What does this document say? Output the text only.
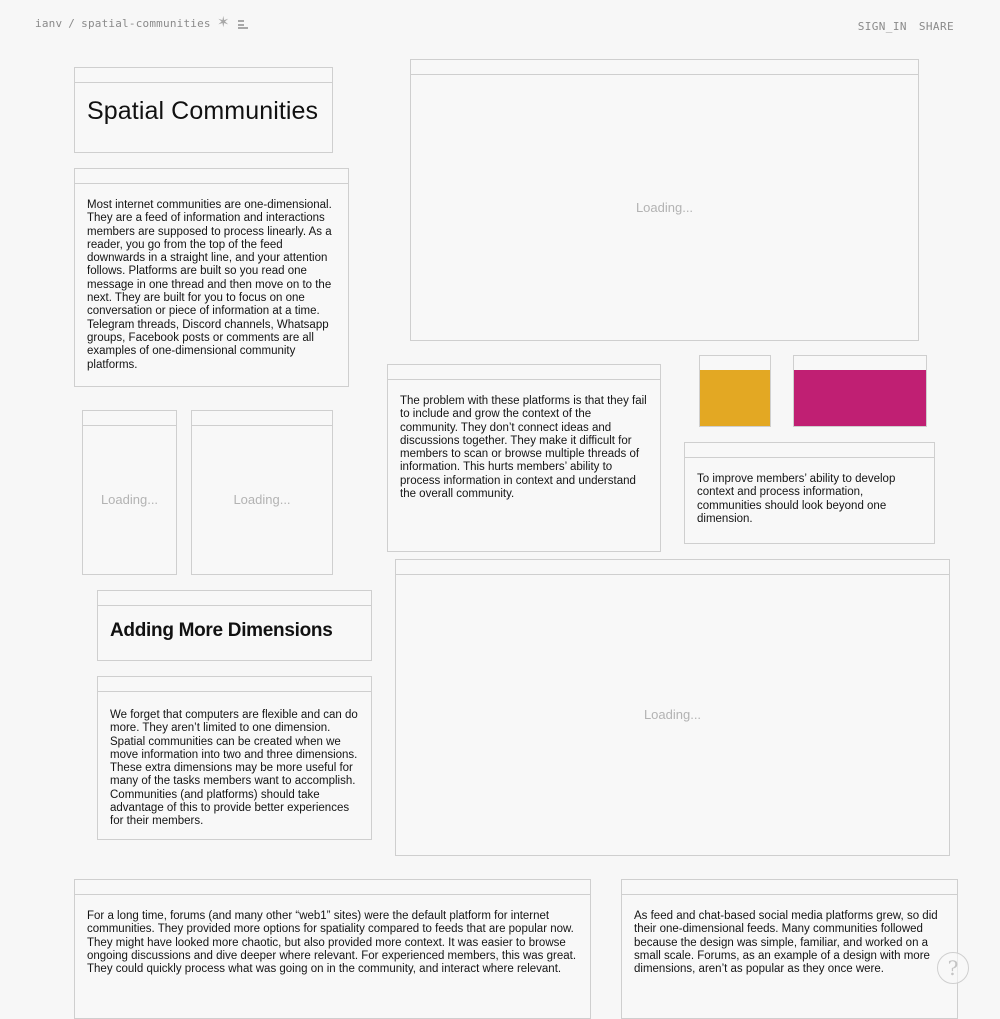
ianv / spatial-communities ✶	SIGN_IN SHARE
Spatial Communities
Loading...
Most internet communities are one-dimensional. They are a feed of information and interactions members are supposed to process linearly. As a reader, you go from the top of the feed downwards in a straight line, and your attention follows. Platforms are built so you read one message in one thread and then move on to the next. They are built for you to focus on one conversation or piece of information at a time. Telegram threads, Discord channels, Whatsapp groups, Facebook posts or comments are all examples of one-dimensional community platforms.
Loading...	Loading...
The problem with these platforms is that they fail to include and grow the context of the community. They don’t connect ideas and discussions together. They make it difficult for members to scan or browse multiple threads of information. This hurts members’ ability to process information in context and understand the overall community.
To improve members’ ability to develop context and process information, communities should look beyond one dimension.
Adding More Dimensions
Loading...
We forget that computers are flexible and can do more. They aren’t limited to one dimension. Spatial communities can be created when we move information into two and three dimensions. These extra dimensions may be more useful for many of the tasks members want to accomplish. Communities (and platforms) should take advantage of this to provide better experiences for their members.
For a long time, forums (and many other “web1” sites) were the default platform for internet communities. They provided more options for spatiality compared to feeds that are popular now. They might have looked more chaotic, but also provided more context. It was easier to browse ongoing discussions and dive deeper where relevant. For experienced members, this was great. They could quickly process what was going on in the community, and interact where relevant.
As feed and chat-based social media platforms grew, so did their one-dimensional feeds. Many communities followed because the design was simple, familiar, and worked on a small scale. Forums, as an example of a design with more dimensions, aren’t as popular as they once were.	?
